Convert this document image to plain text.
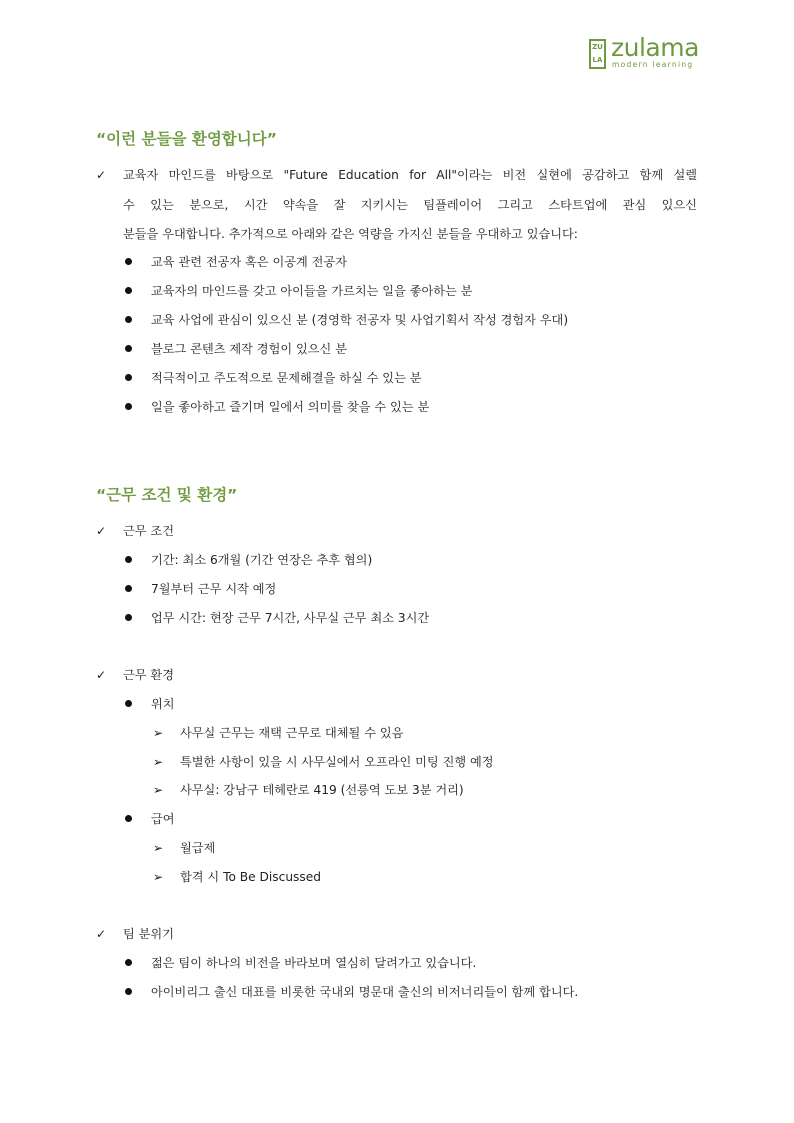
ZU
LA zulama
modern learning
“이런 분들을 환영합니다”
✓ 교육자 마인드를 바탕으로 "Future Education for All"이라는 비전 실현에 공감하고 함께 설렐
수 있는 분으로, 시간 약속을 잘 지키시는 팀플레이어 그리고 스타트업에 관심 있으신
분들을 우대합니다. 추가적으로 아래와 같은 역량을 가지신 분들을 우대하고 있습니다:
교육 관련 전공자 혹은 이공계 전공자
교육자의 마인드를 갖고 아이들을 가르치는 일을 좋아하는 분
교육 사업에 관심이 있으신 분 (경영학 전공자 및 사업기획서 작성 경험자 우대)
블로그 콘텐츠 제작 경험이 있으신 분
적극적이고 주도적으로 문제해결을 하실 수 있는 분
일을 좋아하고 즐기며 일에서 의미를 찾을 수 있는 분
“근무 조건 및 환경”
✓ 근무 조건
기간: 최소 6개월 (기간 연장은 추후 협의)
7월부터 근무 시작 예정
업무 시간: 현장 근무 7시간, 사무실 근무 최소 3시간
✓ 근무 환경
위치
➢ 사무실 근무는 재택 근무로 대체될 수 있음
➢ 특별한 사항이 있을 시 사무실에서 오프라인 미팅 진행 예정
➢ 사무실: 강남구 테헤란로 419 (선릉역 도보 3분 거리)
급여
➢ 월급제
➢ 합격 시 To Be Discussed
✓ 팀 분위기
젊은 팀이 하나의 비전을 바라보며 열심히 달려가고 있습니다.
아이비리그 출신 대표를 비롯한 국내외 명문대 출신의 비저너리들이 함께 합니다.
